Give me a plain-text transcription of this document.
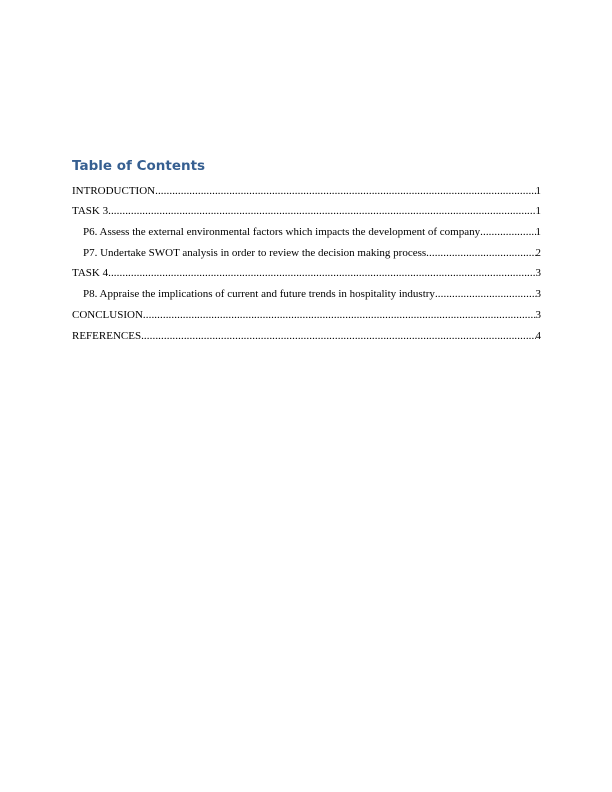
Table of Contents
INTRODUCTION .....	1
TASK 3 .....	1
P6. Assess the external environmental factors which impacts the development of company .....	1
P7. Undertake SWOT analysis in order to review the decision making process .....	2
TASK 4 .....	3
P8. Appraise the implications of current and future trends in hospitality industry .....	3
CONCLUSION .....	3
REFERENCES .....	4
